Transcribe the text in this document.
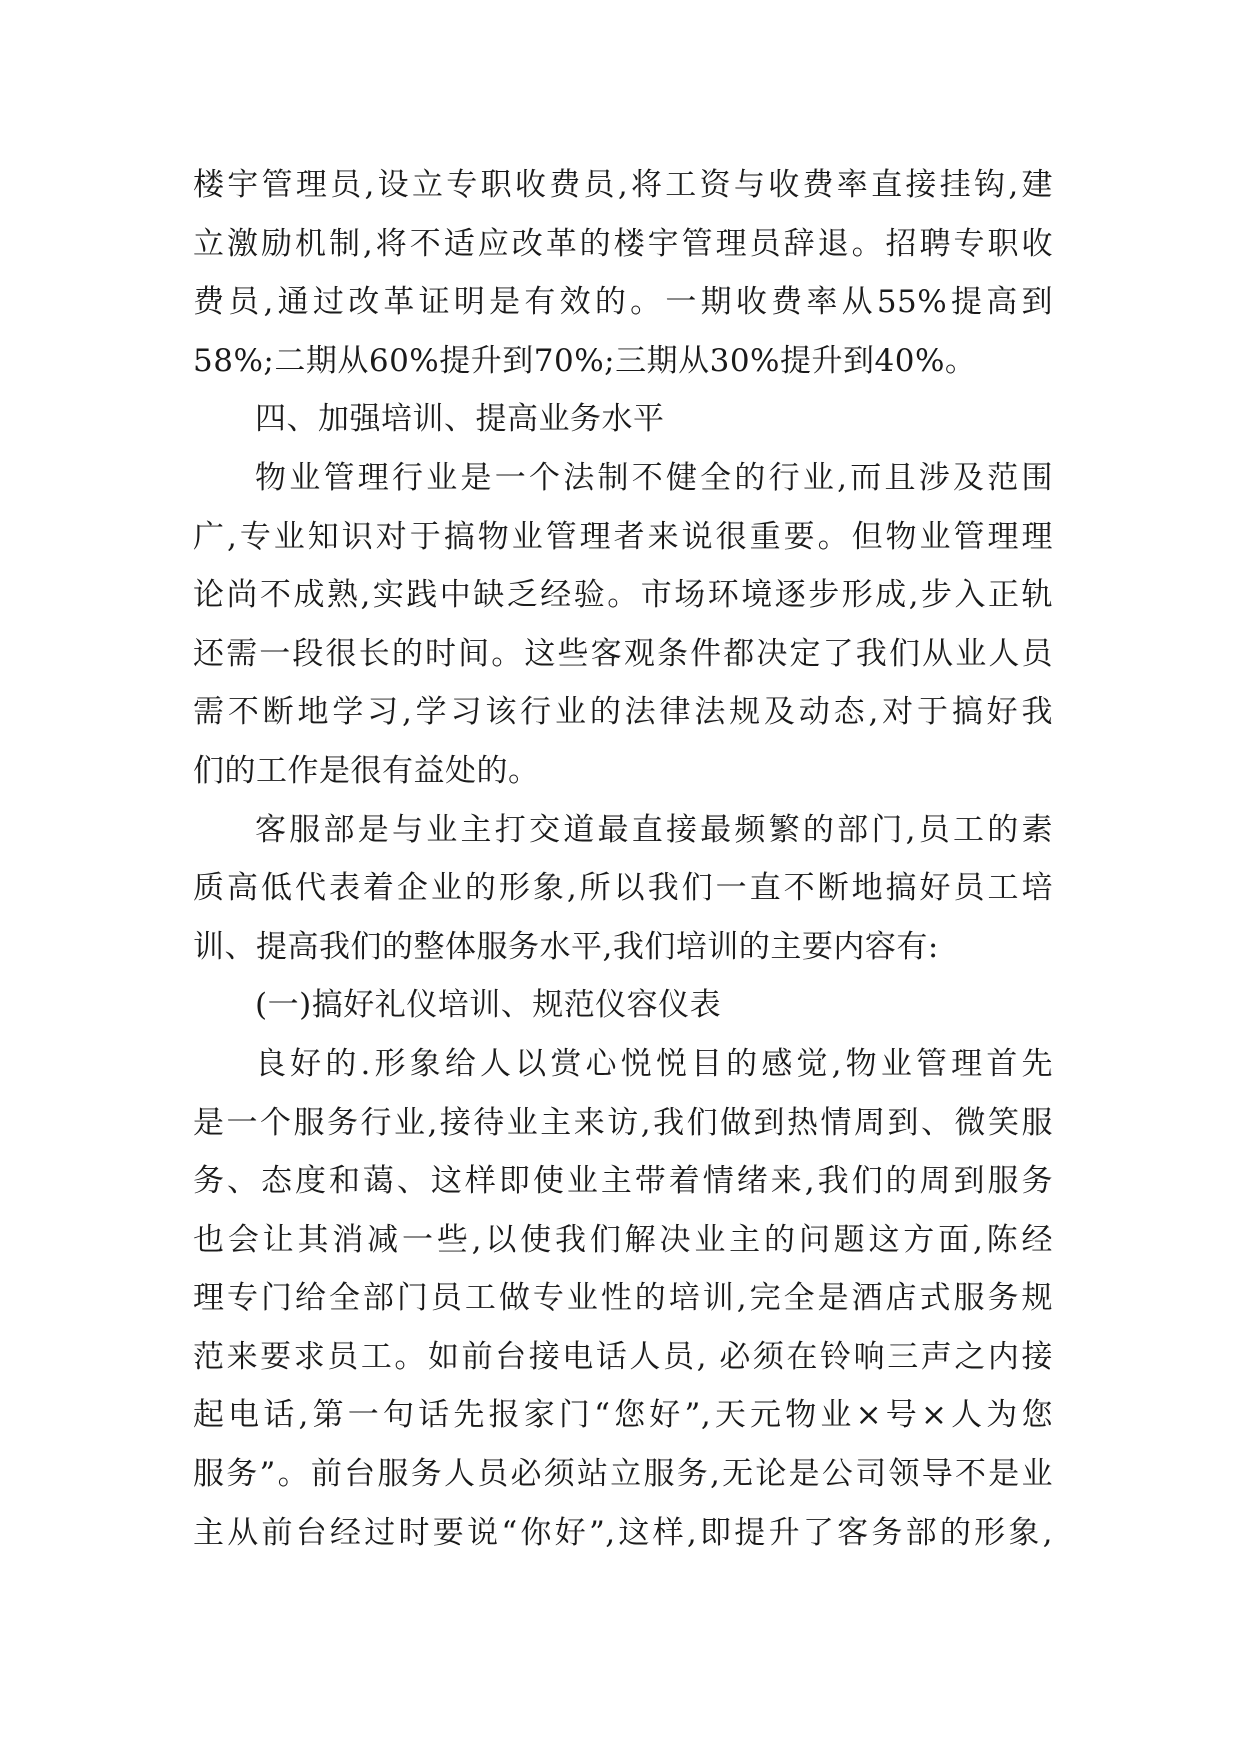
楼宇管理员,设立专职收费员,将工资与收费率直接挂钩,建
立激励机制,将不适应改革的楼宇管理员辞退。招聘专职收
费员,通过改革证明是有效的。一期收费率从55%提高到
58%;二期从60%提升到70%;三期从30%提升到40%。
四、加强培训、提高业务水平
物业管理行业是一个法制不健全的行业,而且涉及范围
广,专业知识对于搞物业管理者来说很重要。但物业管理理
论尚不成熟,实践中缺乏经验。市场环境逐步形成,步入正轨
还需一段很长的时间。这些客观条件都决定了我们从业人员
需不断地学习,学习该行业的法律法规及动态,对于搞好我
们的工作是很有益处的。
客服部是与业主打交道最直接最频繁的部门,员工的素
质高低代表着企业的形象,所以我们一直不断地搞好员工培
训、提高我们的整体服务水平,我们培训的主要内容有:
(一)搞好礼仪培训、规范仪容仪表
良好的.形象给人以赏心悦悦目的感觉,物业管理首先
是一个服务行业,接待业主来访,我们做到热情周到、微笑服
务、态度和蔼、这样即使业主带着情绪来,我们的周到服务
也会让其消减一些,以使我们解决业主的问题这方面,陈经
理专门给全部门员工做专业性的培训,完全是酒店式服务规
范来要求员工。如前台接电话人员, 必须在铃响三声之内接
起电话,第一句话先报家门“您好”,天元物业×号×人为您
服务”。前台服务人员必须站立服务,无论是公司领导不是业
主从前台经过时要说“你好”,这样,即提升了客务部的形象,
